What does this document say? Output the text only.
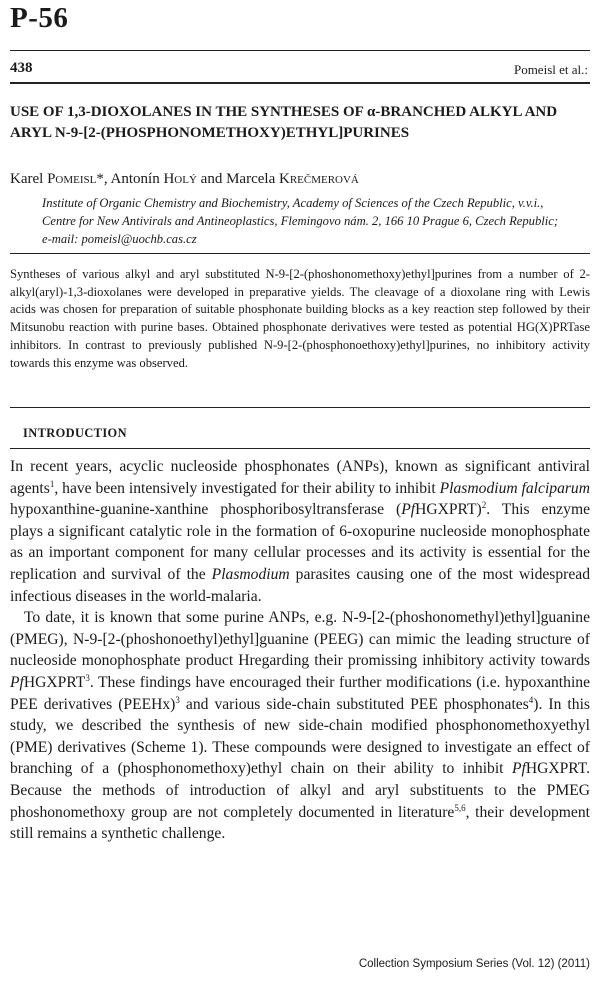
P-56
438	Pomeisl et al.:
USE OF 1,3-DIOXOLANES IN THE SYNTHESES OF α-BRANCHED ALKYL AND ARYL N-9-[2-(PHOSPHONOMETHOXY)ETHYL]PURINES
Karel Pomeisl*, Antonín Holý and Marcela Krečmerová
Institute of Organic Chemistry and Biochemistry, Academy of Sciences of the Czech Republic, v.v.i.,
Centre for New Antivirals and Antineoplastics, Flemingovo nám. 2, 166 10 Prague 6, Czech Republic;
e-mail: pomeisl@uochb.cas.cz
Syntheses of various alkyl and aryl substituted N-9-[2-(phoshonomethoxy)ethyl]purines from a number of 2-alkyl(aryl)-1,3-dioxolanes were developed in preparative yields. The cleavage of a dioxolane ring with Lewis acids was chosen for preparation of suitable phosphonate building blocks as a key reaction step followed by their Mitsunobu reaction with purine bases. Obtained phosphonate derivatives were tested as potential HG(X)PRTase inhibitors. In contrast to previously published N-9-[2-(phosphonoethoxy)ethyl]purines, no inhibitory activity towards this enzyme was observed.
INTRODUCTION

In recent years, acyclic nucleoside phosphonates (ANPs), known as significant antiviral agents$^1$, have been intensively investigated for their ability to inhibit Plasmodium falciparum hypoxanthine-guanine-xanthine phosphoribosyltransferase (PfHGXPRT)$^2$. This enzyme plays a significant catalytic role in the formation of 6-oxopurine nucleoside monophosphate as an important component for many cellular processes and its activity is essential for the replication and survival of the Plasmodium parasites causing one of the most widespread infectious diseases in the world-malaria.

To date, it is known that some purine ANPs, e.g. N-9-[2-(phoshonomethyl)ethyl]guanine (PMEG), N-9-[2-(phoshonoethyl)ethyl]guanine (PEEG) can mimic the leading structure of nucleoside monophosphate product Hregarding their promissing inhibitory activity towards PfHGXPRT$^3$. These findings have encouraged their further modifications (i.e. hypoxanthine PEE derivatives (PEEHx)$^3$ and various side-chain substituted PEE phosphonates$^4$). In this study, we described the synthesis of new side-chain modified phosphonomethoxyethyl (PME) derivatives (Scheme 1). These compounds were designed to investigate an effect of branching of a (phosphonomethoxy)ethyl chain on their ability to inhibit PfHGXPRT. Because the methods of introduction of alkyl and aryl substituents to the PMEG phoshonomethoxy group are not completely documented in literature$^{5,6}$, their development still remains a synthetic challenge.

Collection Symposium Series (Vol. 12) (2011)
